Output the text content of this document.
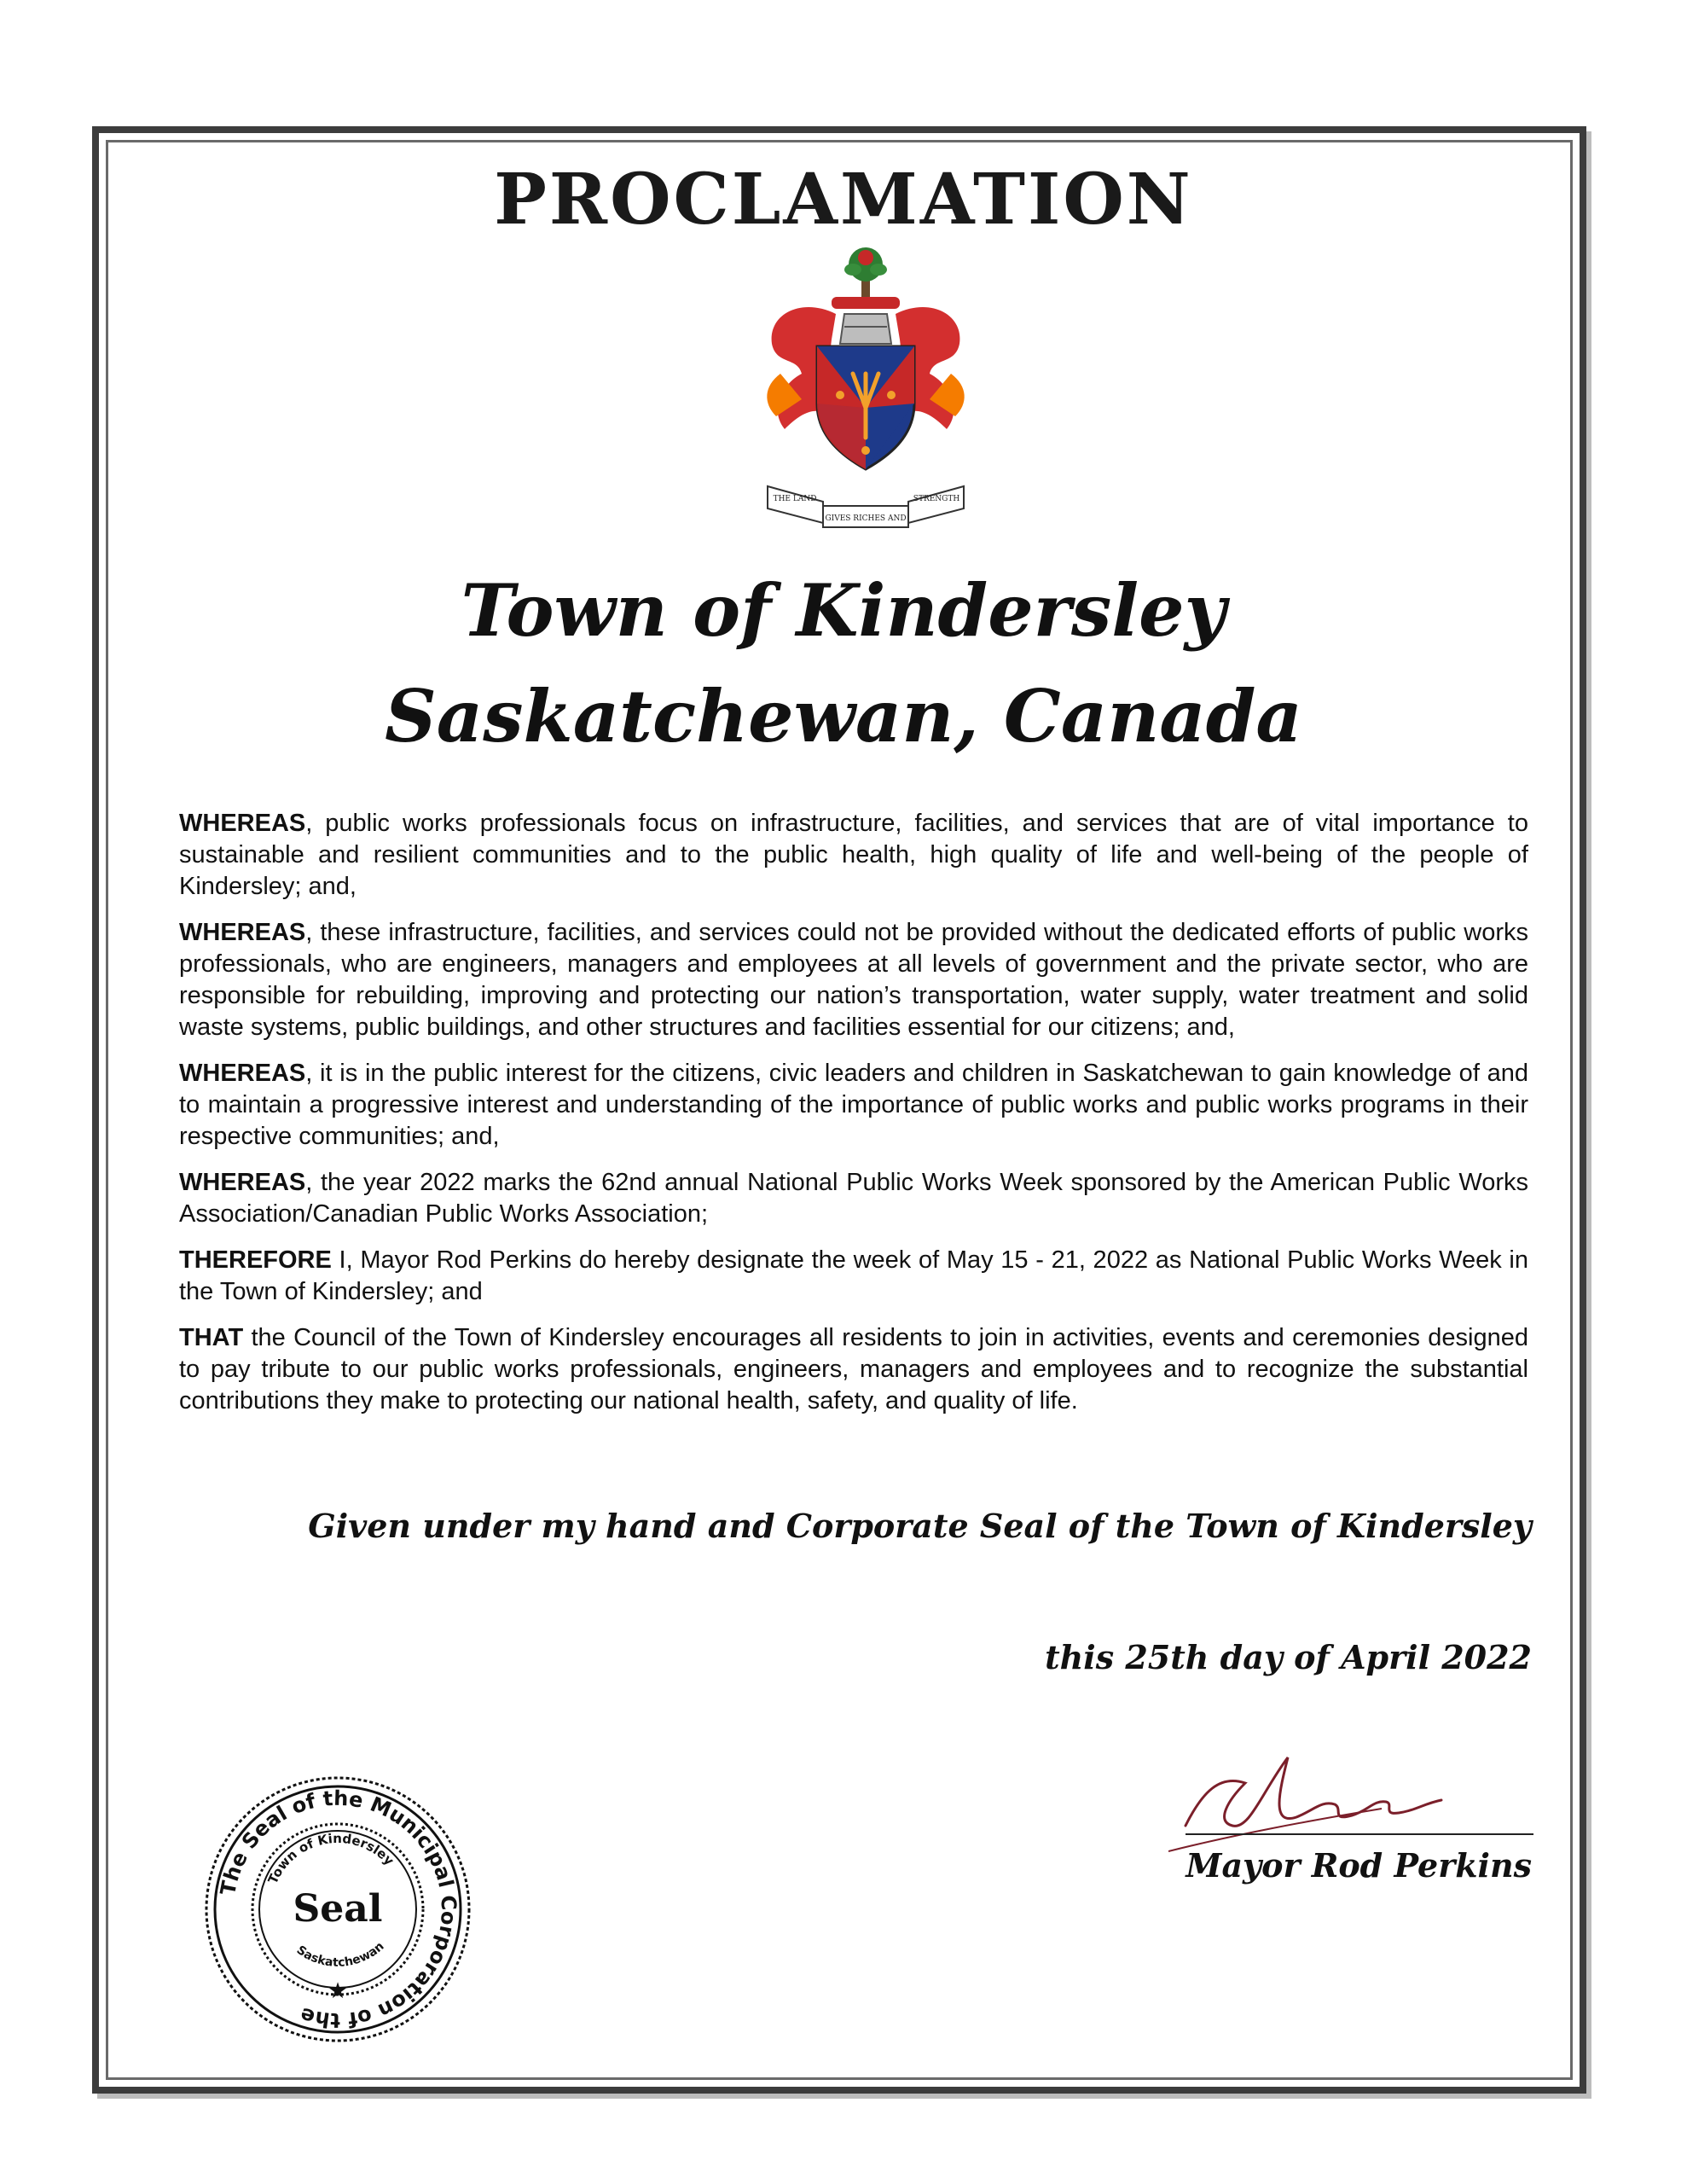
PROCLAMATION
THE LAND
GIVES RICHES AND
STRENGTH
Town of Kindersley
Saskatchewan, Canada

WHEREAS, public works professionals focus on infrastructure, facilities, and services that are of vital importance to sustainable and resilient communities and to the public health, high quality of life and well-being of the people of Kindersley; and,

WHEREAS, these infrastructure, facilities, and services could not be provided without the dedicated efforts of public works professionals, who are engineers, managers and employees at all levels of government and the private sector, who are responsible for rebuilding, improving and protecting our nation’s transportation, water supply, water treatment and solid waste systems, public buildings, and other structures and facilities essential for our citizens; and,

WHEREAS, it is in the public interest for the citizens, civic leaders and children in Saskatchewan to gain knowledge of and to maintain a progressive interest and understanding of the importance of public works and public works programs in their respective communities; and,

WHEREAS, the year 2022 marks the 62nd annual National Public Works Week sponsored by the American Public Works Association/Canadian Public Works Association;

THEREFORE I, Mayor Rod Perkins do hereby designate the week of May 15 - 21, 2022 as National Public Works Week in the Town of Kindersley; and

THAT the Council of the Town of Kindersley encourages all residents to join in activities, events and ceremonies designed to pay tribute to our public works professionals, engineers, managers and employees and to recognize the substantial contributions they make to protecting our national health, safety, and quality of life.

Given under my hand and Corporate Seal of the Town of Kindersley
this 25th day of April 2022
Mayor Rod Perkins
The Seal of the Municipal Corporation of the
Town of Kindersley
Saskatchewan
Seal
★
